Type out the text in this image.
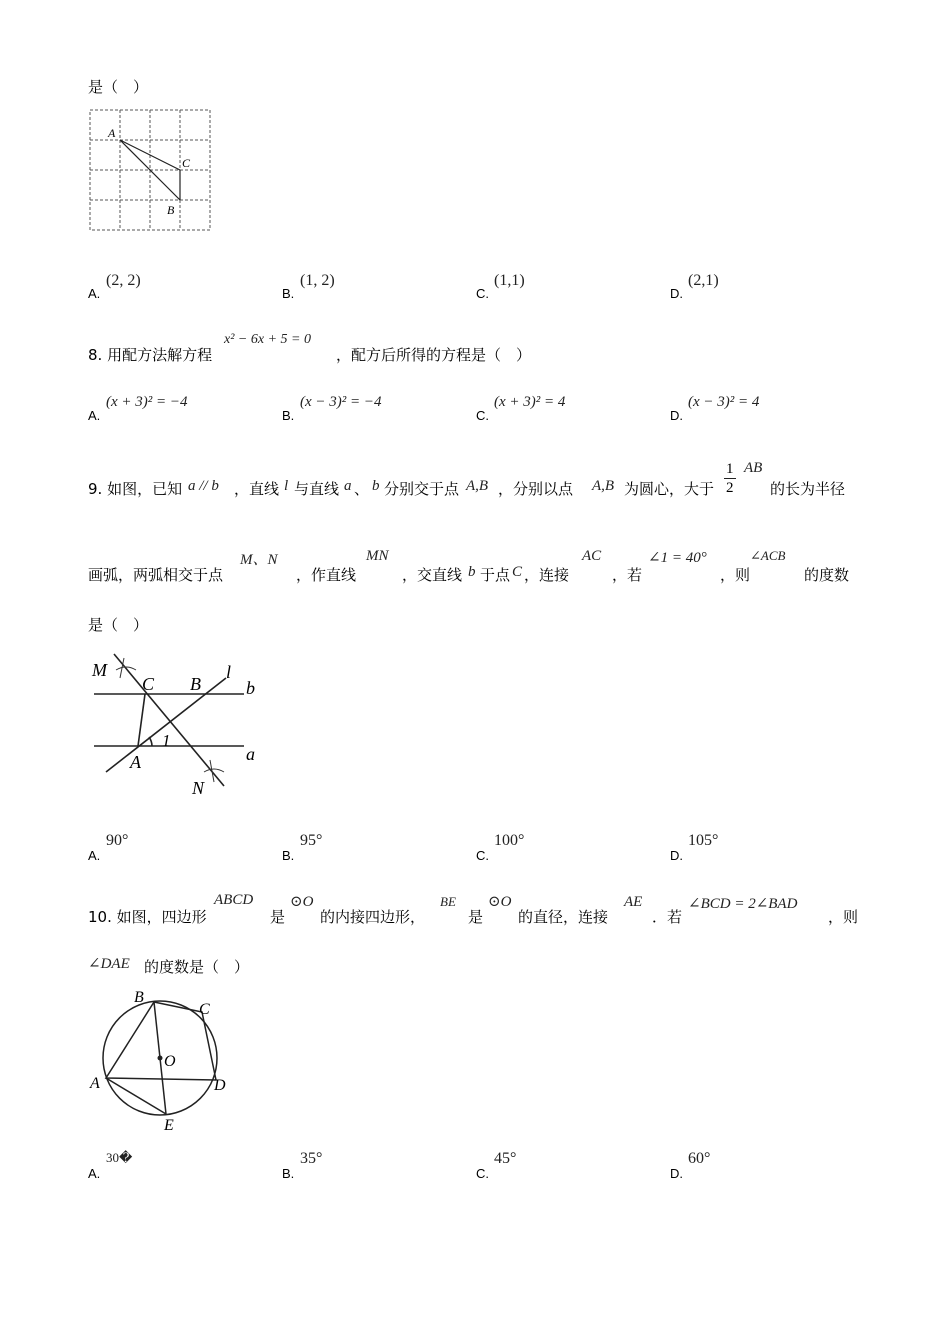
是（　）
A
C
B
A.
(2, 2)
B.
(1, 2)
C.
(1,1)
D.
(2,1)
8. 用配方法解方程
x² − 6x + 5 = 0
，配方后所得的方程是（　）
A.
(x + 3)² = −4
B.
(x − 3)² = −4
C.
(x + 3)² = 4
D.
(x − 3)² = 4
9. 如图，已知 a // b ，直线 l 与直线 a 、 b 分别交于点 A,B ，分别以点 A,B 为圆心，大于 $\frac{1}{2}$ AB
的长为半径
画弧，两弧相交于点
M、N
，作直线
MN
，交直线 b 于点 C ，连接
AC
，若
∠1 = 40°
，则
∠ACB
的度数
是（　）
M
C B
l
b
1
A	a
N
A.
90°
B.
95°
C.
100°
D.
105°
10. 如图，四边形
ABCD
是
⊙O
的内接四边形，
BE
是
⊙O
的直径，连接
AE
．若
∠BCD = 2∠BAD
，则
∠DAE 的度数是（　）
B
C
O
A	D
E
A.
30�
B.
35°
C.
45°
D.
60°
